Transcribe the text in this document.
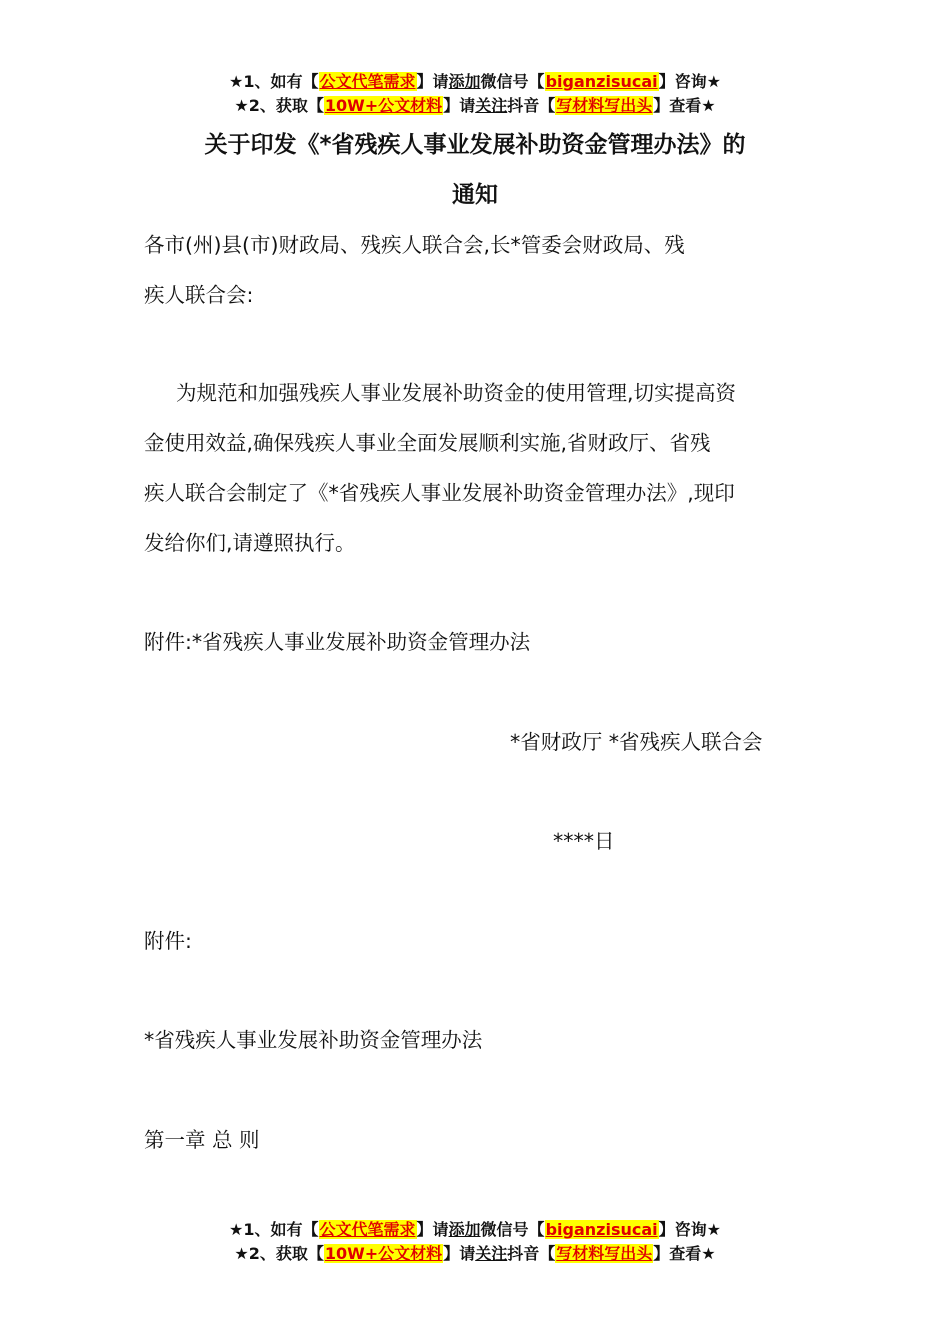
★1、如有【公文代笔需求】请添加微信号【biganzisucai】咨询★
★2、获取【10W+公文材料】请关注抖音【写材料写出头】查看★
关于印发《*省残疾人事业发展补助资金管理办法》的
通知
各市(州)县(市)财政局、残疾人联合会,长*管委会财政局、残
疾人联合会:
为规范和加强残疾人事业发展补助资金的使用管理,切实提高资
金使用效益,确保残疾人事业全面发展顺利实施,省财政厅、省残
疾人联合会制定了《*省残疾人事业发展补助资金管理办法》,现印
发给你们,请遵照执行。
附件:*省残疾人事业发展补助资金管理办法
*省财政厅 *省残疾人联合会
****日
附件:
*省残疾人事业发展补助资金管理办法
第一章 总 则
★1、如有【公文代笔需求】请添加微信号【biganzisucai】咨询★
★2、获取【10W+公文材料】请关注抖音【写材料写出头】查看★
